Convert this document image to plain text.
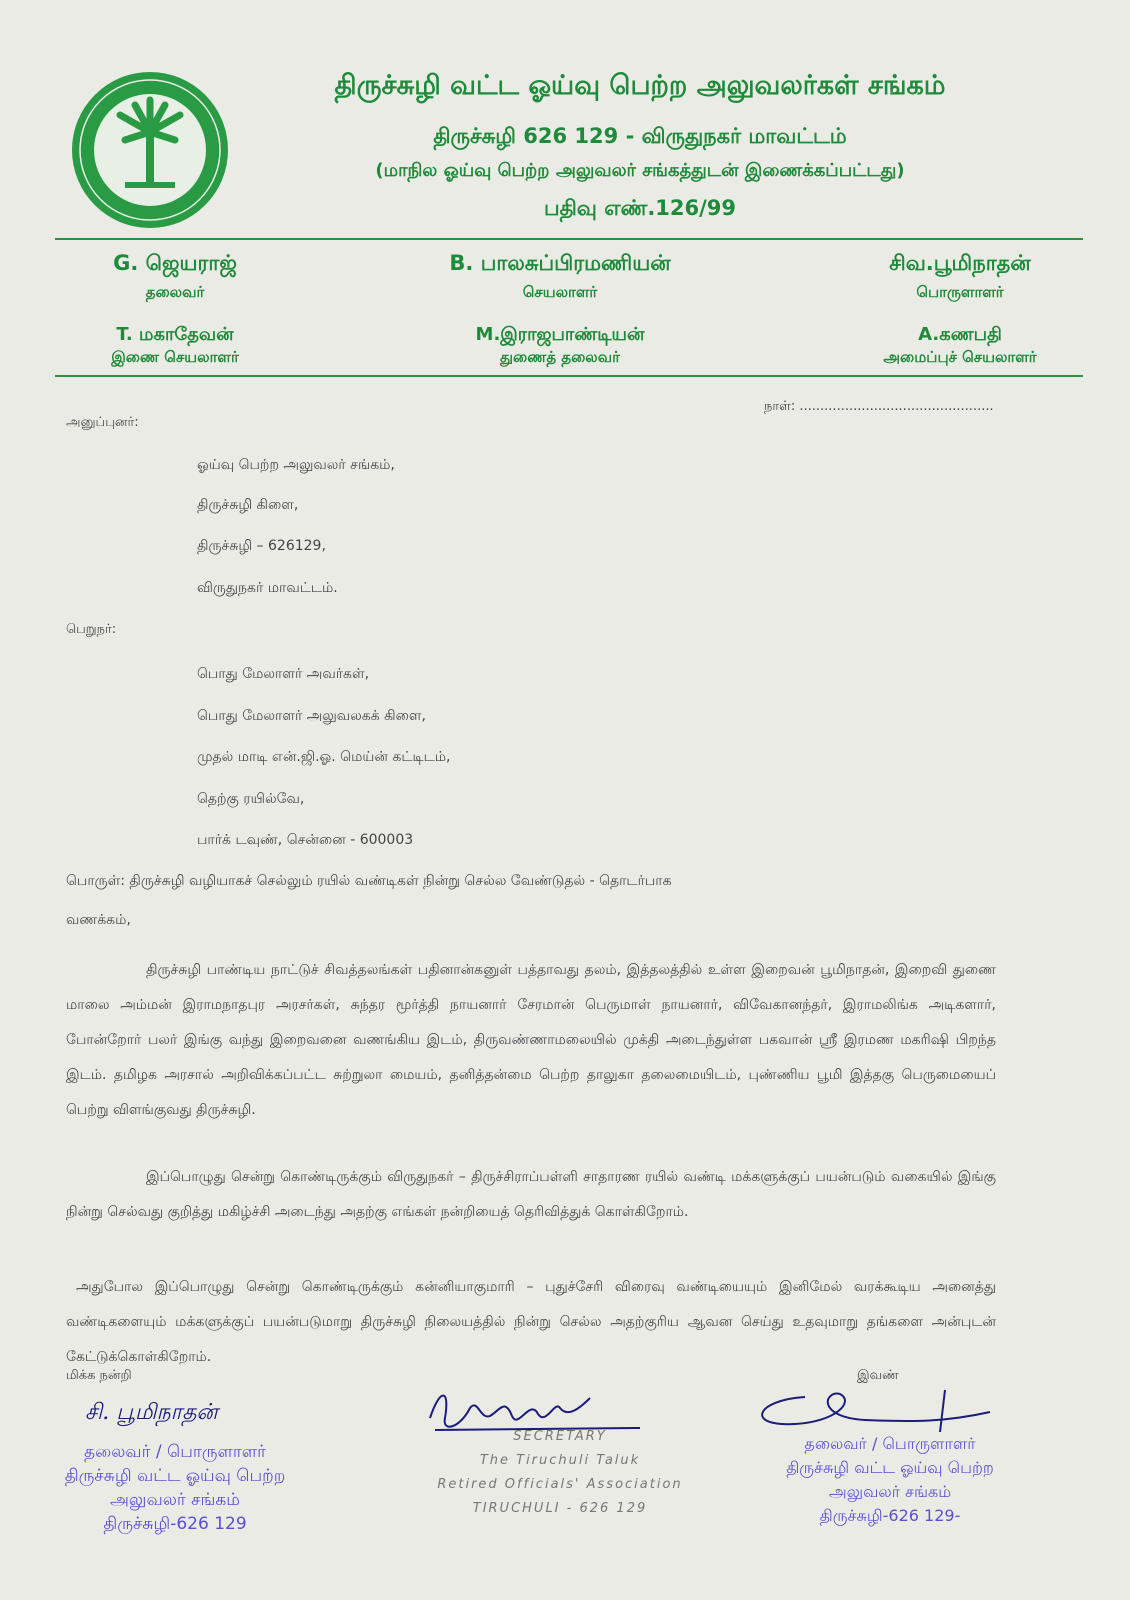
திருச்சுழி வட்ட ஓய்வு பெற்ற அலுவலர்கள் சங்கம்
திருச்சுழி 626 129 - விருதுநகர் மாவட்டம்
(மாநில ஓய்வு பெற்ற அலுவலர் சங்கத்துடன் இணைக்கப்பட்டது)
பதிவு எண்.126/99
G. ஜெயராஜ்
தலைவர்
B. பாலசுப்பிரமணியன்
செயலாளர்
சிவ.பூமிநாதன்
பொருளாளர்
T. மகாதேவன்
இணை செயலாளர்
M.இராஜபாண்டியன்
துணைத் தலைவர்
A.கணபதி
அமைப்புச் செயலாளர்
நாள்: ...............................................
அனுப்புனர்:
ஓய்வு பெற்ற அலுவலர் சங்கம்,
திருச்சுழி கிளை,
திருச்சுழி – 626129,
விருதுநகர் மாவட்டம்.
பெறுநர்:
பொது மேலாளர் அவர்கள்,
பொது மேலாளர் அலுவலகக் கிளை,
முதல் மாடி என்.ஜி.ஓ. மெய்ன் கட்டிடம்,
தெற்கு ரயில்வே,
பார்க் டவுண், சென்னை - 600003
பொருள்: திருச்சுழி வழியாகச் செல்லும் ரயில் வண்டிகள் நின்று செல்ல வேண்டுதல் - தொடர்பாக
வணக்கம்,
திருச்சுழி பாண்டிய நாட்டுச் சிவத்தலங்கள் பதினான்கனுள் பத்தாவது தலம், இத்தலத்தில் உள்ள இறைவன் பூமிநாதன், இறைவி துணை மாலை அம்மன் இராமநாதபுர அரசர்கள், சுந்தர மூர்த்தி நாயனார் சேரமான் பெருமாள் நாயனார், விவேகானந்தர், இராமலிங்க அடிகளார், போன்றோர் பலர் இங்கு வந்து இறைவனை வணங்கிய இடம், திருவண்ணாமலையில் முக்தி அடைந்துள்ள பகவான் ஸ்ரீ இரமண மகரிஷி பிறந்த இடம். தமிழக அரசால் அறிவிக்கப்பட்ட சுற்றுலா மையம், தனித்தன்மை பெற்ற தாலுகா தலைமையிடம், புண்ணிய பூமி இத்தகு பெருமையைப் பெற்று விளங்குவது திருச்சுழி.
இப்பொழுது சென்று கொண்டிருக்கும் விருதுநகர் – திருச்சிராப்பள்ளி சாதாரண ரயில் வண்டி மக்களுக்குப் பயன்படும் வகையில் இங்கு நின்று செல்வது குறித்து மகிழ்ச்சி அடைந்து அதற்கு எங்கள் நன்றியைத் தெரிவித்துக் கொள்கிறோம்.
அதுபோல இப்பொழுது சென்று கொண்டிருக்கும் கன்னியாகுமாரி – புதுச்சேரி விரைவு வண்டியையும் இனிமேல் வரக்கூடிய அனைத்து வண்டிகளையும் மக்களுக்குப் பயன்படுமாறு திருச்சுழி நிலையத்தில் நின்று செல்ல அதற்குரிய ஆவன செய்து உதவுமாறு தங்களை அன்புடன் கேட்டுக்கொள்கிறோம்.
மிக்க நன்றி	இவண்
சி. பூமிநாதன்
தலைவர் / பொருளாளர்
திருச்சுழி வட்ட ஓய்வு பெற்ற
அலுவலர் சங்கம்
திருச்சுழி-626 129
SECRETARY
The Tiruchuli Taluk
Retired Officials' Association
TIRUCHULI - 626 129
தலைவர் / பொருளாளர்
திருச்சுழி வட்ட ஓய்வு பெற்ற
அலுவலர் சங்கம்
திருச்சுழி-626 129-
